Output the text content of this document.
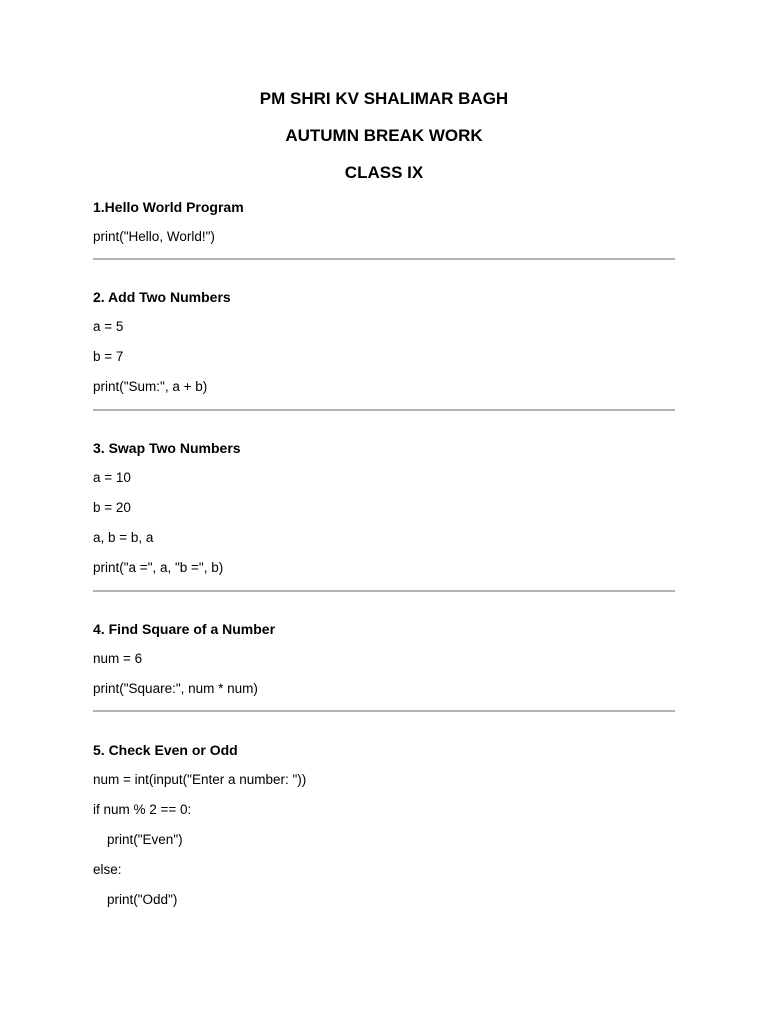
PM SHRI KV SHALIMAR BAGH
AUTUMN BREAK WORK
CLASS IX
1.Hello World Program
print("Hello, World!")
2. Add Two Numbers
a = 5
b = 7
print("Sum:", a + b)
3. Swap Two Numbers
a = 10
b = 20
a, b = b, a
print("a =", a, "b =", b)
4. Find Square of a Number
num = 6
print("Square:", num * num)
5. Check Even or Odd
num = int(input("Enter a number: "))
if num % 2 == 0:
print("Even")
else:
print("Odd")
